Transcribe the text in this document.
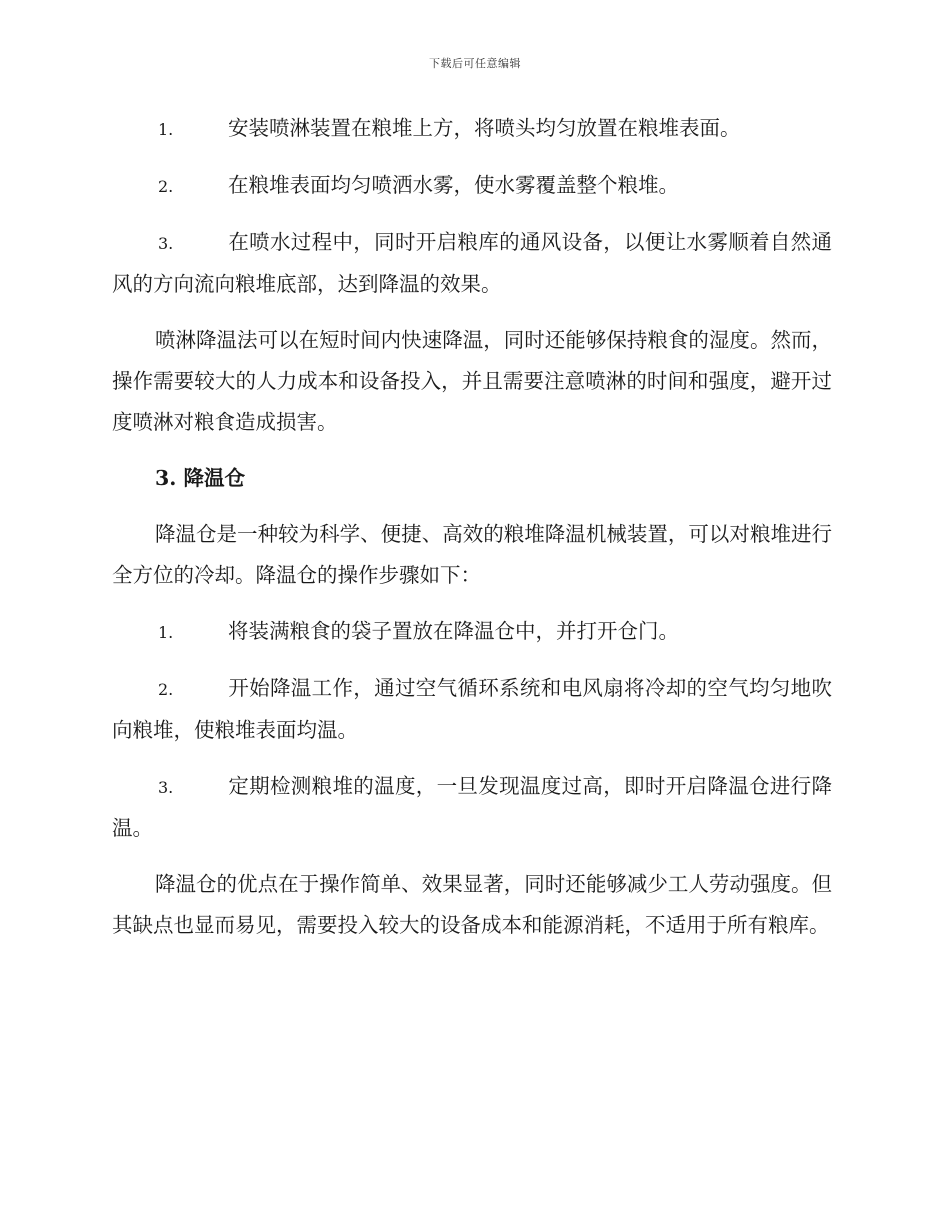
下载后可任意编辑
1.	安装喷淋装置在粮堆上方，将喷头均匀放置在粮堆表面。
2.	在粮堆表面均匀喷洒水雾，使水雾覆盖整个粮堆。
3.	在喷水过程中，同时开启粮库的通风设备，以便让水雾顺着自然通风的方向流向粮堆底部，达到降温的效果。

喷淋降温法可以在短时间内快速降温，同时还能够保持粮食的湿度。然而，操作需要较大的人力成本和设备投入，并且需要注意喷淋的时间和强度，避开过度喷淋对粮食造成损害。

3. 降温仓

降温仓是一种较为科学、便捷、高效的粮堆降温机械装置，可以对粮堆进行全方位的冷却。降温仓的操作步骤如下：

1.	将装满粮食的袋子置放在降温仓中，并打开仓门。
2.	开始降温工作，通过空气循环系统和电风扇将冷却的空气均匀地吹向粮堆，使粮堆表面均温。
3.	定期检测粮堆的温度，一旦发现温度过高，即时开启降温仓进行降温。

降温仓的优点在于操作简单、效果显著，同时还能够减少工人劳动强度。但其缺点也显而易见，需要投入较大的设备成本和能源消耗，不适用于所有粮库。
